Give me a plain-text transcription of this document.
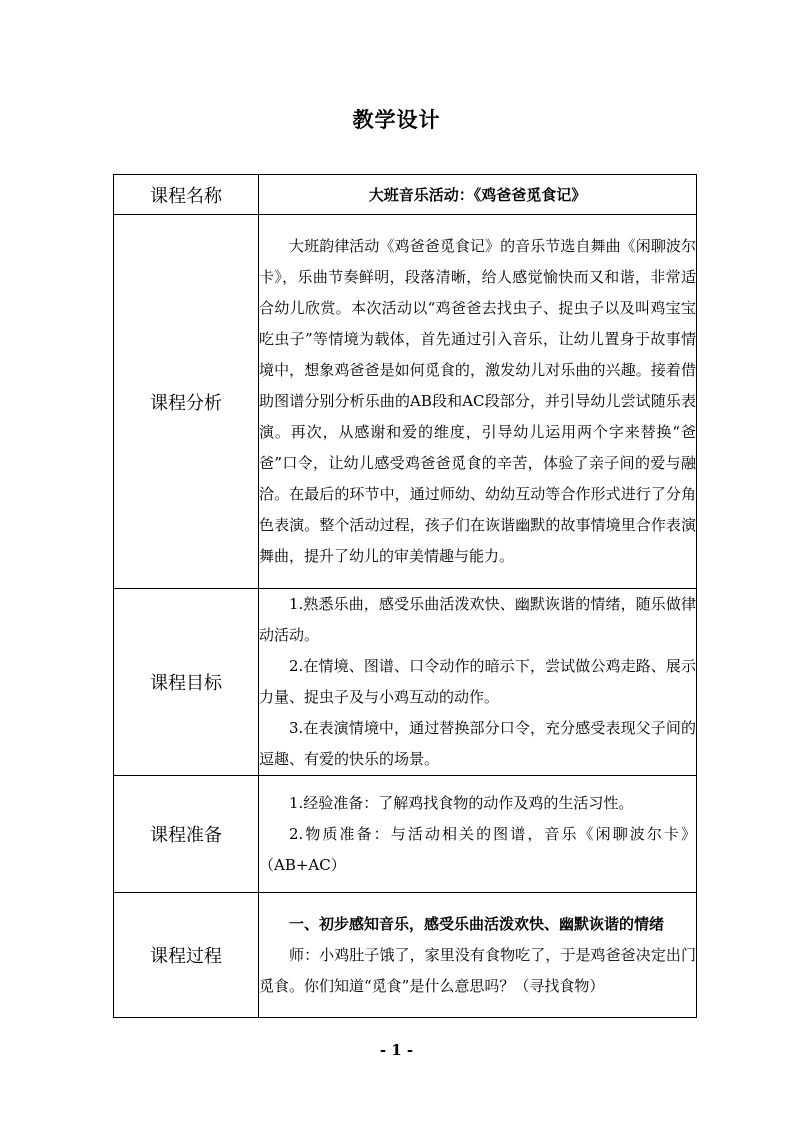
教学设计
课程名称	大班音乐活动：《鸡爸爸觅食记》

课程分析	大班韵律活动《鸡爸爸觅食记》的音乐节选自舞曲《闲聊波尔卡》，乐曲节奏鲜明，段落清晰，给人感觉愉快而又和谐，非常适合幼儿欣赏。本次活动以“鸡爸爸去找虫子、捉虫子以及叫鸡宝宝吃虫子”等情境为载体，首先通过引入音乐，让幼儿置身于故事情境中，想象鸡爸爸是如何觅食的，激发幼儿对乐曲的兴趣。接着借助图谱分别分析乐曲的AB段和AC段部分，并引导幼儿尝试随乐表演。再次，从感谢和爱的维度，引导幼儿运用两个字来替换“爸爸”口令，让幼儿感受鸡爸爸觅食的辛苦，体验了亲子间的爱与融洽。在最后的环节中，通过师幼、幼幼互动等合作形式进行了分角色表演。整个活动过程，孩子们在诙谐幽默的故事情境里合作表演舞曲，提升了幼儿的审美情趣与能力。

课程目标	1.熟悉乐曲，感受乐曲活泼欢快、幽默诙谐的情绪，随乐做律动活动。

2.在情境、图谱、口令动作的暗示下，尝试做公鸡走路、展示力量、捉虫子及与小鸡互动的动作。

3.在表演情境中，通过替换部分口令，充分感受表现父子间的逗趣、有爱的快乐的场景。

课程准备	1.经验准备：了解鸡找食物的动作及鸡的生活习性。

2.物质准备：与活动相关的图谱，音乐《闲聊波尔卡》（AB+AC）

课程过程	一、初步感知音乐，感受乐曲活泼欢快、幽默诙谐的情绪

师：小鸡肚子饿了，家里没有食物吃了，于是鸡爸爸决定出门觅食。你们知道“觅食”是什么意思吗？（寻找食物）

- 1 -
